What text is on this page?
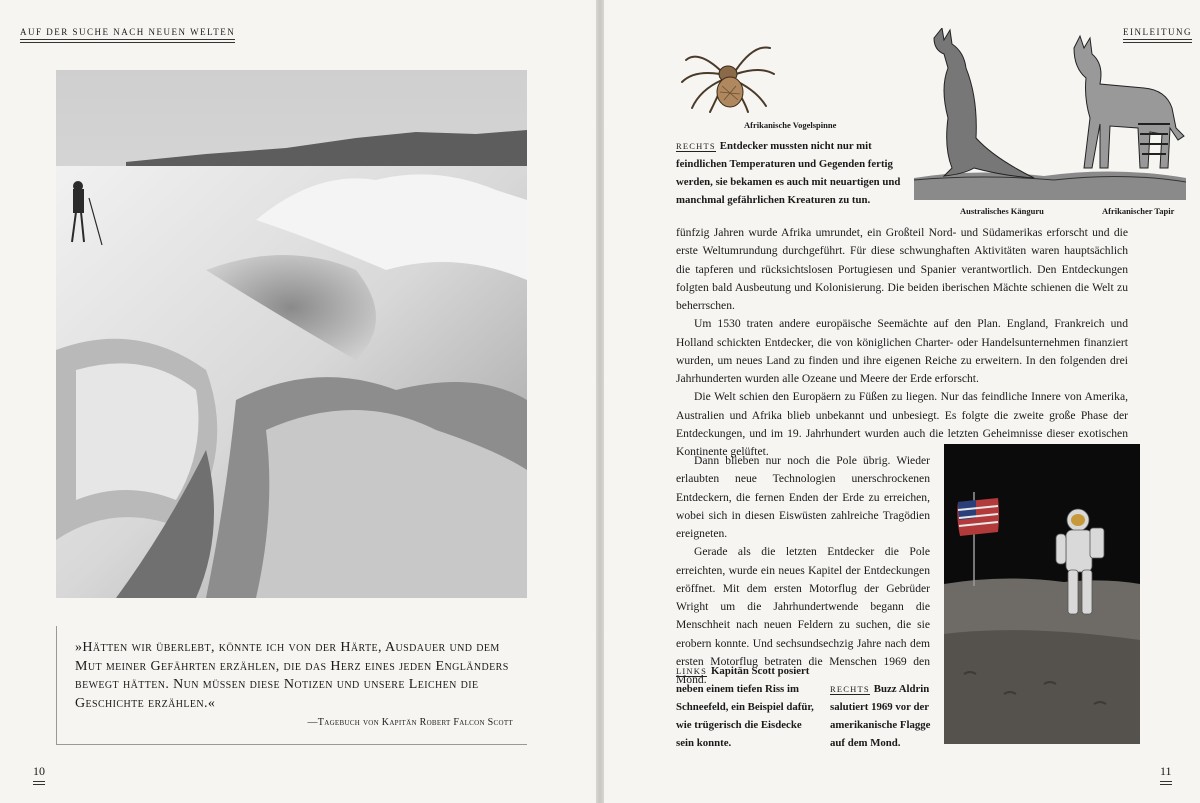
AUF DER SUCHE NACH NEUEN WELTEN

»Hätten wir überlebt, könnte ich von der Härte, Ausdauer und dem Mut meiner Gefährten erzählen, die das Herz eines jeden Engländers bewegt hätten. Nun müssen diese Notizen und unsere Leichen die Geschichte erzählen.«

—Tagebuch von Kapitän Robert Falcon Scott
10
EINLEITUNG
Afrikanische Vogelspinne
Australisches Känguru	Afrikanischer Tapir

RECHTS Entdecker mussten nicht nur mit feindlichen Temperaturen und Gegenden fertig werden, sie bekamen es auch mit neuartigen und manchmal gefährlichen Kreaturen zu tun.

fünfzig Jahren wurde Afrika umrundet, ein Großteil Nord- und Südamerikas erforscht und die erste Weltumrundung durchgeführt. Für diese schwunghaften Aktivitäten waren hauptsächlich die tapferen und rücksichtslosen Portugiesen und Spanier verantwortlich. Den Entdeckungen folgten bald Ausbeutung und Kolonisierung. Die beiden iberischen Mächte schienen die Welt zu beherrschen.

Um 1530 traten andere europäische Seemächte auf den Plan. England, Frankreich und Holland schickten Entdecker, die von königlichen Charter- oder Handelsunternehmen finanziert wurden, um neues Land zu finden und ihre eigenen Reiche zu erweitern. In den folgenden drei Jahrhunderten wurden alle Ozeane und Meere der Erde erforscht.

Die Welt schien den Europäern zu Füßen zu liegen. Nur das feindliche Innere von Amerika, Australien und Afrika blieb unbekannt und unbesiegt. Es folgte die zweite große Phase der Entdeckungen, und im 19. Jahrhundert wurden auch die letzten Geheimnisse dieser exotischen Kontinente gelüftet.

Dann blieben nur noch die Pole übrig. Wieder erlaubten neue Technologien unerschrockenen Entdeckern, die fernen Enden der Erde zu erreichen, wobei sich in diesen Eiswüsten zahlreiche Tragödien ereigneten.

Gerade als die letzten Entdecker die Pole erreichten, wurde ein neues Kapitel der Entdeckungen eröffnet. Mit dem ersten Motorflug der Gebrüder Wright um die Jahrhundertwende begann die Menschheit nach neuen Feldern zu suchen, die sie erobern konnte. Und sechsundsechzig Jahre nach dem ersten Motorflug betraten die Menschen 1969 den Mond.

LINKS Kapitän Scott posiert neben einem tiefen Riss im Schneefeld, ein Beispiel dafür, wie trügerisch die Eisdecke sein konnte.

RECHTS Buzz Aldrin salutiert 1969 vor der amerikanische Flagge auf dem Mond.

11
